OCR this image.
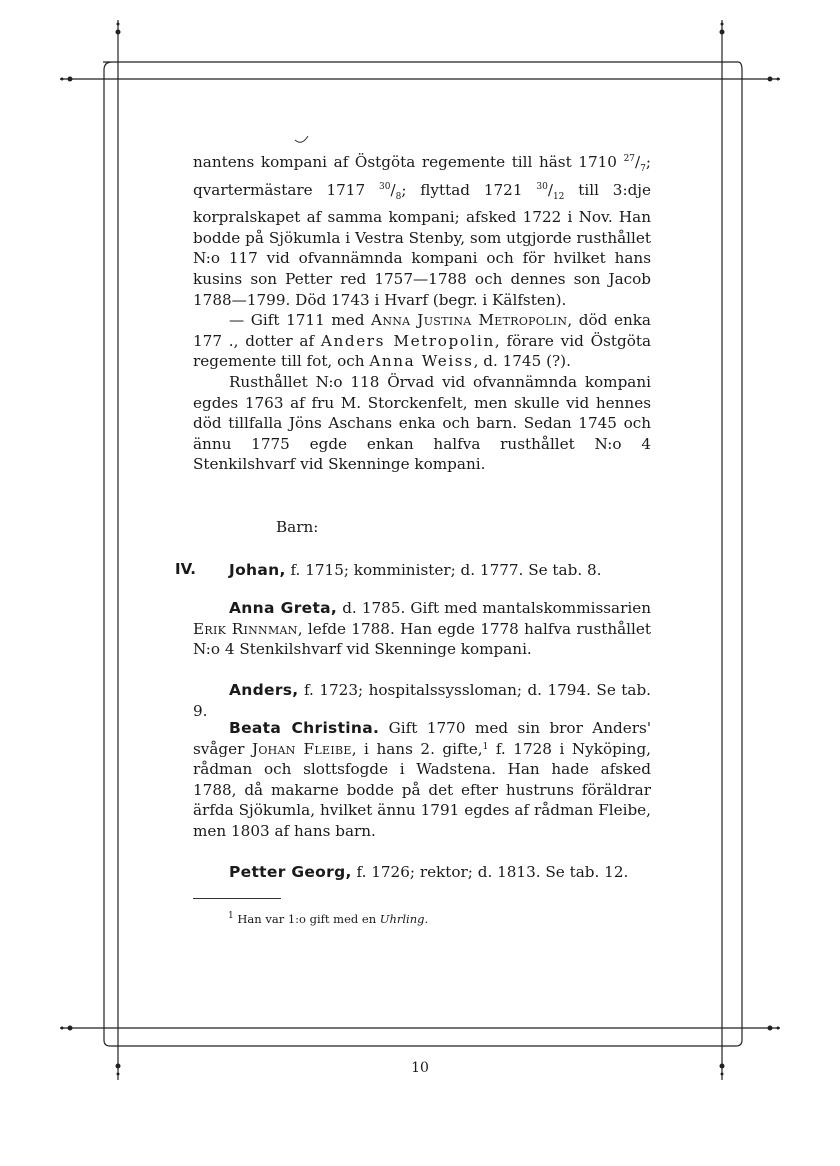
nantens kompani af Östgöta regemente till häst 1710 $^{27}/_7$; qvartermästare 1717 $^{30}/_8$; flyttad 1721 $^{30}/_{12}$ till 3:dje korpralskapet af samma kompani; afsked 1722 i Nov. Han bodde på Sjökumla i Vestra Stenby, som utgjorde rusthållet N:o 117 vid ofvannämnda kompani och för hvilket hans kusins son Petter red 1757—1788 och dennes son Jacob 1788—1799. Död 1743 i Hvarf (begr. i Kälfsten).

— Gift 1711 med Anna Justina Metropolin, död enka 177 ., dotter af Anders Metropolin, förare vid Östgöta regemente till fot, och Anna Weiss, d. 1745 (?).

Rusthållet N:o 118 Örvad vid ofvannämnda kompani egdes 1763 af fru M. Storckenfelt, men skulle vid hennes död tillfalla Jöns Aschans enka och barn. Sedan 1745 och ännu 1775 egde enkan halfva rusthållet N:o 4 Stenkilshvarf vid Skenninge kompani.

Barn:
IV.	Johan, f. 1715; komminister; d. 1777. Se tab. 8.

Anna Greta, d. 1785. Gift med mantalskommissarien Erik Rinnman, lefde 1788. Han egde 1778 halfva rusthållet N:o 4 Stenkilshvarf vid Skenninge kompani.

Anders, f. 1723; hospitalssyssloman; d. 1794. Se tab. 9.

Beata Christina. Gift 1770 med sin bror Anders' svåger Johan Fleibe, i hans 2. gifte,$^1$ f. 1728 i Nyköping, rådman och slottsfogde i Wadstena. Han hade afsked 1788, då makarne bodde på det efter hustruns föräldrar ärfda Sjökumla, hvilket ännu 1791 egdes af rådman Fleibe, men 1803 af hans barn.

Petter Georg, f. 1726; rektor; d. 1813. Se tab. 12.

$^1$ Han var 1:o gift med en Uhrling.
10
